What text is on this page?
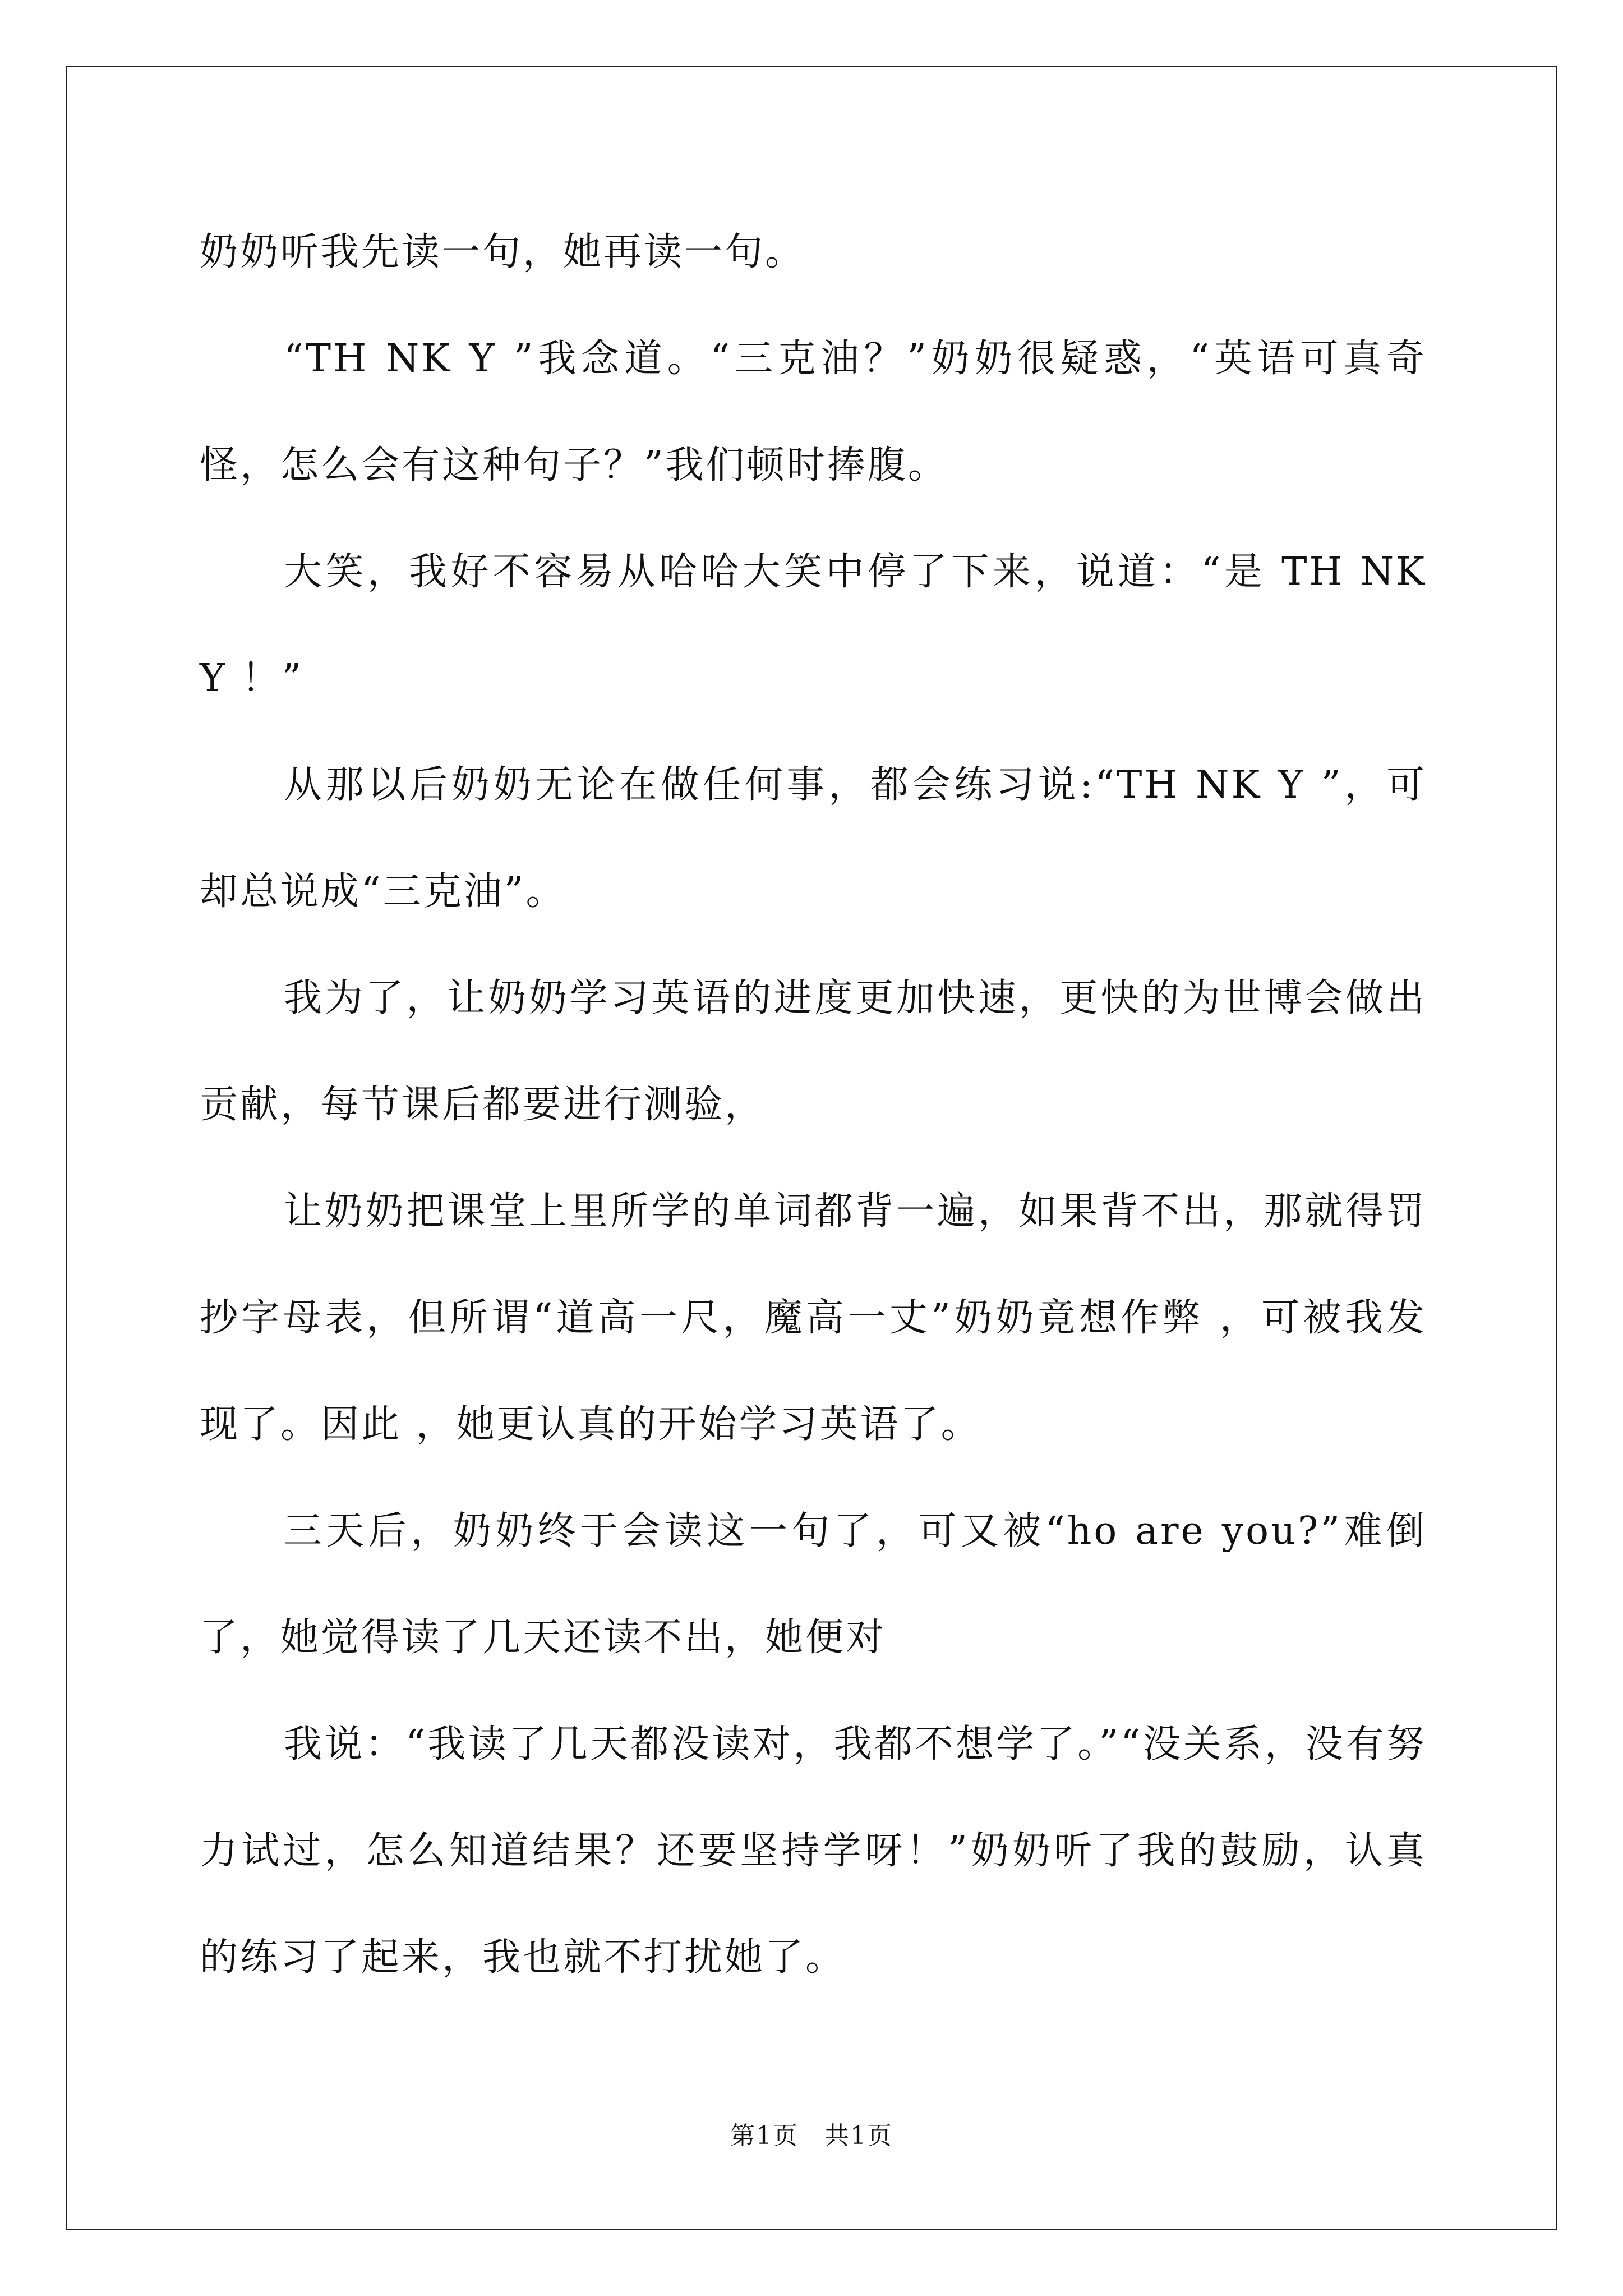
奶奶听我先读一句，她再读一句。

“TH NK Y ”我念道。“三克油？”奶奶很疑惑，“英语可真奇怪，怎么会有这种句子？”我们顿时捧腹。

大笑，我好不容易从哈哈大笑中停了下来，说道：“是 TH NK Y ！”

从那以后奶奶无论在做任何事，都会练习说:“TH NK Y ”，可却总说成“三克油”。

我为了，让奶奶学习英语的进度更加快速，更快的为世博会做出贡献，每节课后都要进行测验，

让奶奶把课堂上里所学的单词都背一遍，如果背不出，那就得罚抄字母表，但所谓“道高一尺，魔高一丈”奶奶竟想作弊 ，可被我发现了。因此 ，她更认真的开始学习英语了。

三天后，奶奶终于会读这一句了，可又被“ho are you?”难倒了，她觉得读了几天还读不出，她便对

我说：“我读了几天都没读对，我都不想学了。”“没关系，没有努力试过，怎么知道结果？还要坚持学呀！”奶奶听了我的鼓励，认真的练习了起来，我也就不打扰她了。

第1页　共1页
